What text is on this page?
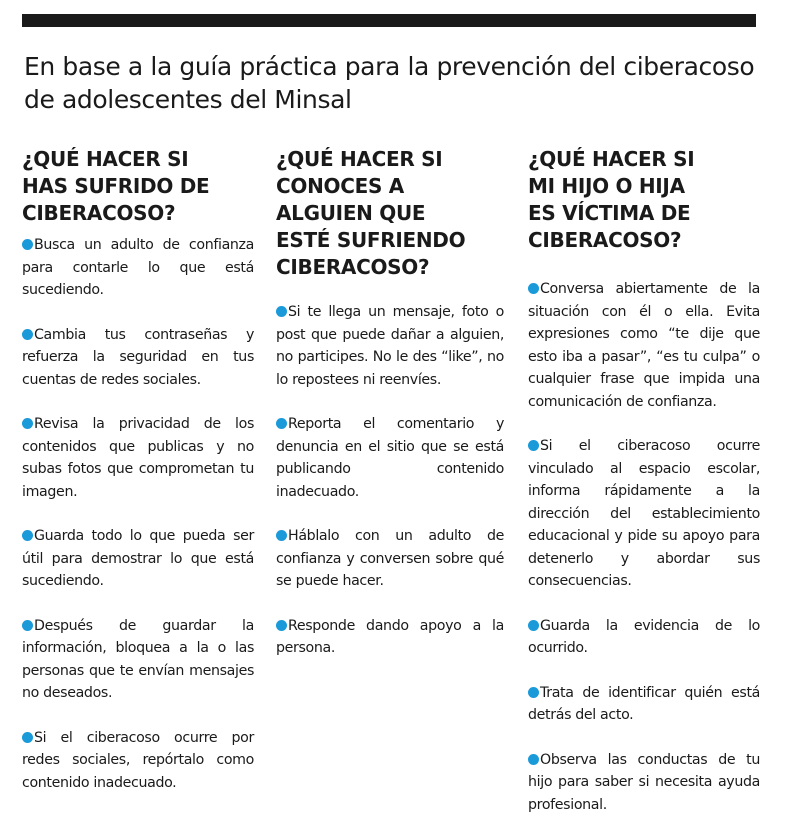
En base a la guía práctica para la prevención del ciberacoso de adolescentes del Minsal
¿QUÉ HACER SI HAS SUFRIDO DE CIBERACOSO?
Busca un adulto de confianza para contarle lo que está sucediendo.
Cambia tus contraseñas y refuerza la seguridad en tus cuentas de redes sociales.
Revisa la privacidad de los contenidos que publicas y no subas fotos que comprometan tu imagen.
Guarda todo lo que pueda ser útil para demostrar lo que está sucediendo.
Después de guardar la información, bloquea a la o las personas que te envían mensajes no deseados.
Si el ciberacoso ocurre por redes sociales, repórtalo como contenido inadecuado.
¿QUÉ HACER SI CONOCES A ALGUIEN QUE ESTÉ SUFRIENDO CIBERACOSO?
Si te llega un mensaje, foto o post que puede dañar a alguien, no participes. No le des “like”, no lo repostees ni reenvíes.
Reporta el comentario y denuncia en el sitio que se está publicando contenido inadecuado.
Háblalo con un adulto de confianza y conversen sobre qué se puede hacer.
Responde dando apoyo a la persona.
¿QUÉ HACER SI MI HIJO O HIJA ES VÍCTIMA DE CIBERACOSO?
Conversa abiertamente de la situación con él o ella. Evita expresiones como “te dije que esto iba a pasar”, “es tu culpa” o cualquier frase que impida una comunicación de confianza.
Si el ciberacoso ocurre vinculado al espacio escolar, informa rápidamente a la dirección del establecimiento educacional y pide su apoyo para detenerlo y abordar sus consecuencias.
Guarda la evidencia de lo ocurrido.
Trata de identificar quién está detrás del acto.
Observa las conductas de tu hijo para saber si necesita ayuda profesional.
